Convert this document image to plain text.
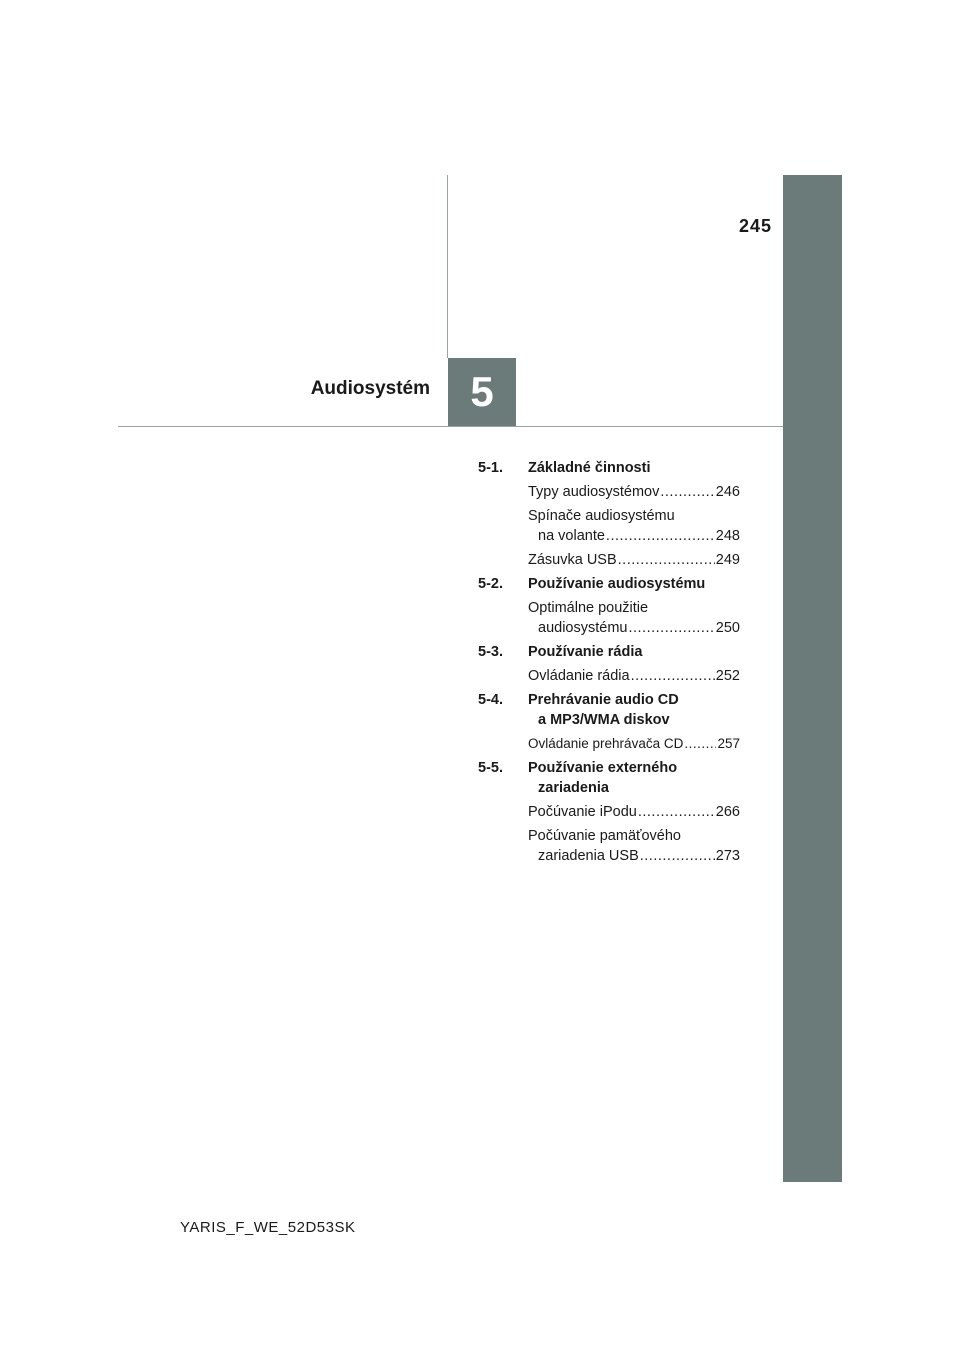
245
Audiosystém 5
5-1.	Základné činnosti
Typy audiosystémov .....	246
Spínače audiosystému
na volante .....	248
Zásuvka USB .....	249
5-2.	Používanie audiosystému
Optimálne použitie
audiosystému .....	250
5-3.	Používanie rádia
Ovládanie rádia .....	252
5-4.	Prehrávanie audio CD
a MP3/WMA diskov
Ovládanie prehrávača CD .....	257
5-5.	Používanie externého
zariadenia
Počúvanie iPodu .....	266
Počúvanie pamäťového
zariadenia USB .....	273
YARIS_F_WE_52D53SK
